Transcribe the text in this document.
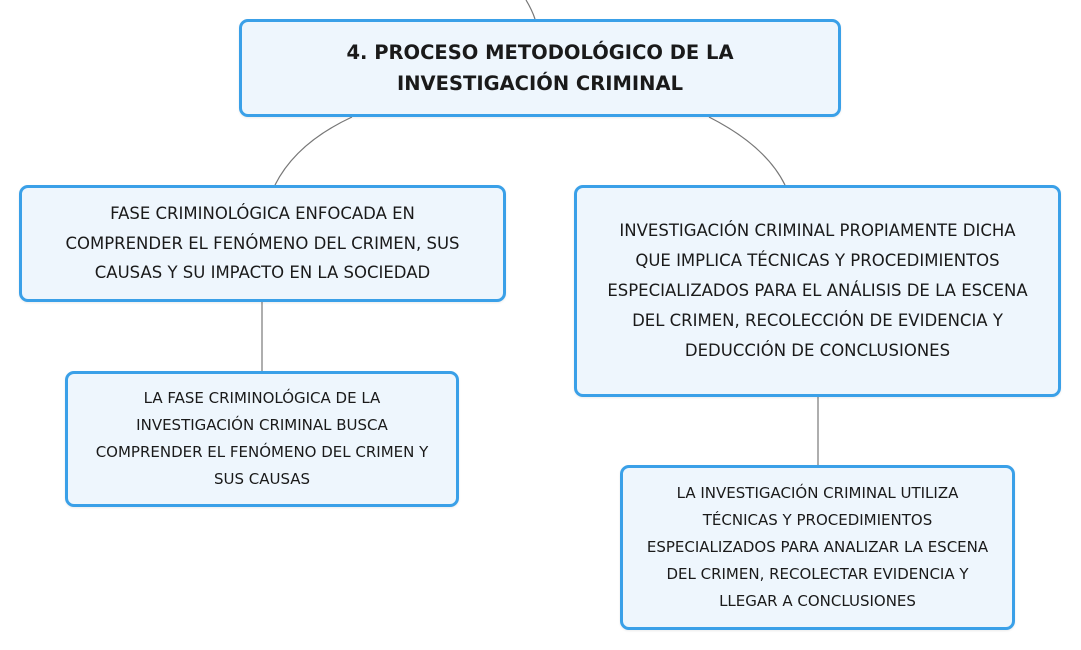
4. PROCESO METODOLÓGICO DE LA
INVESTIGACIÓN CRIMINAL
FASE CRIMINOLÓGICA ENFOCADA EN
COMPRENDER EL FENÓMENO DEL CRIMEN, SUS
CAUSAS Y SU IMPACTO EN LA SOCIEDAD
INVESTIGACIÓN CRIMINAL PROPIAMENTE DICHA
QUE IMPLICA TÉCNICAS Y PROCEDIMIENTOS
ESPECIALIZADOS PARA EL ANÁLISIS DE LA ESCENA
DEL CRIMEN, RECOLECCIÓN DE EVIDENCIA Y
DEDUCCIÓN DE CONCLUSIONES
LA FASE CRIMINOLÓGICA DE LA
INVESTIGACIÓN CRIMINAL BUSCA
COMPRENDER EL FENÓMENO DEL CRIMEN Y
SUS CAUSAS
LA INVESTIGACIÓN CRIMINAL UTILIZA
TÉCNICAS Y PROCEDIMIENTOS
ESPECIALIZADOS PARA ANALIZAR LA ESCENA
DEL CRIMEN, RECOLECTAR EVIDENCIA Y
LLEGAR A CONCLUSIONES
